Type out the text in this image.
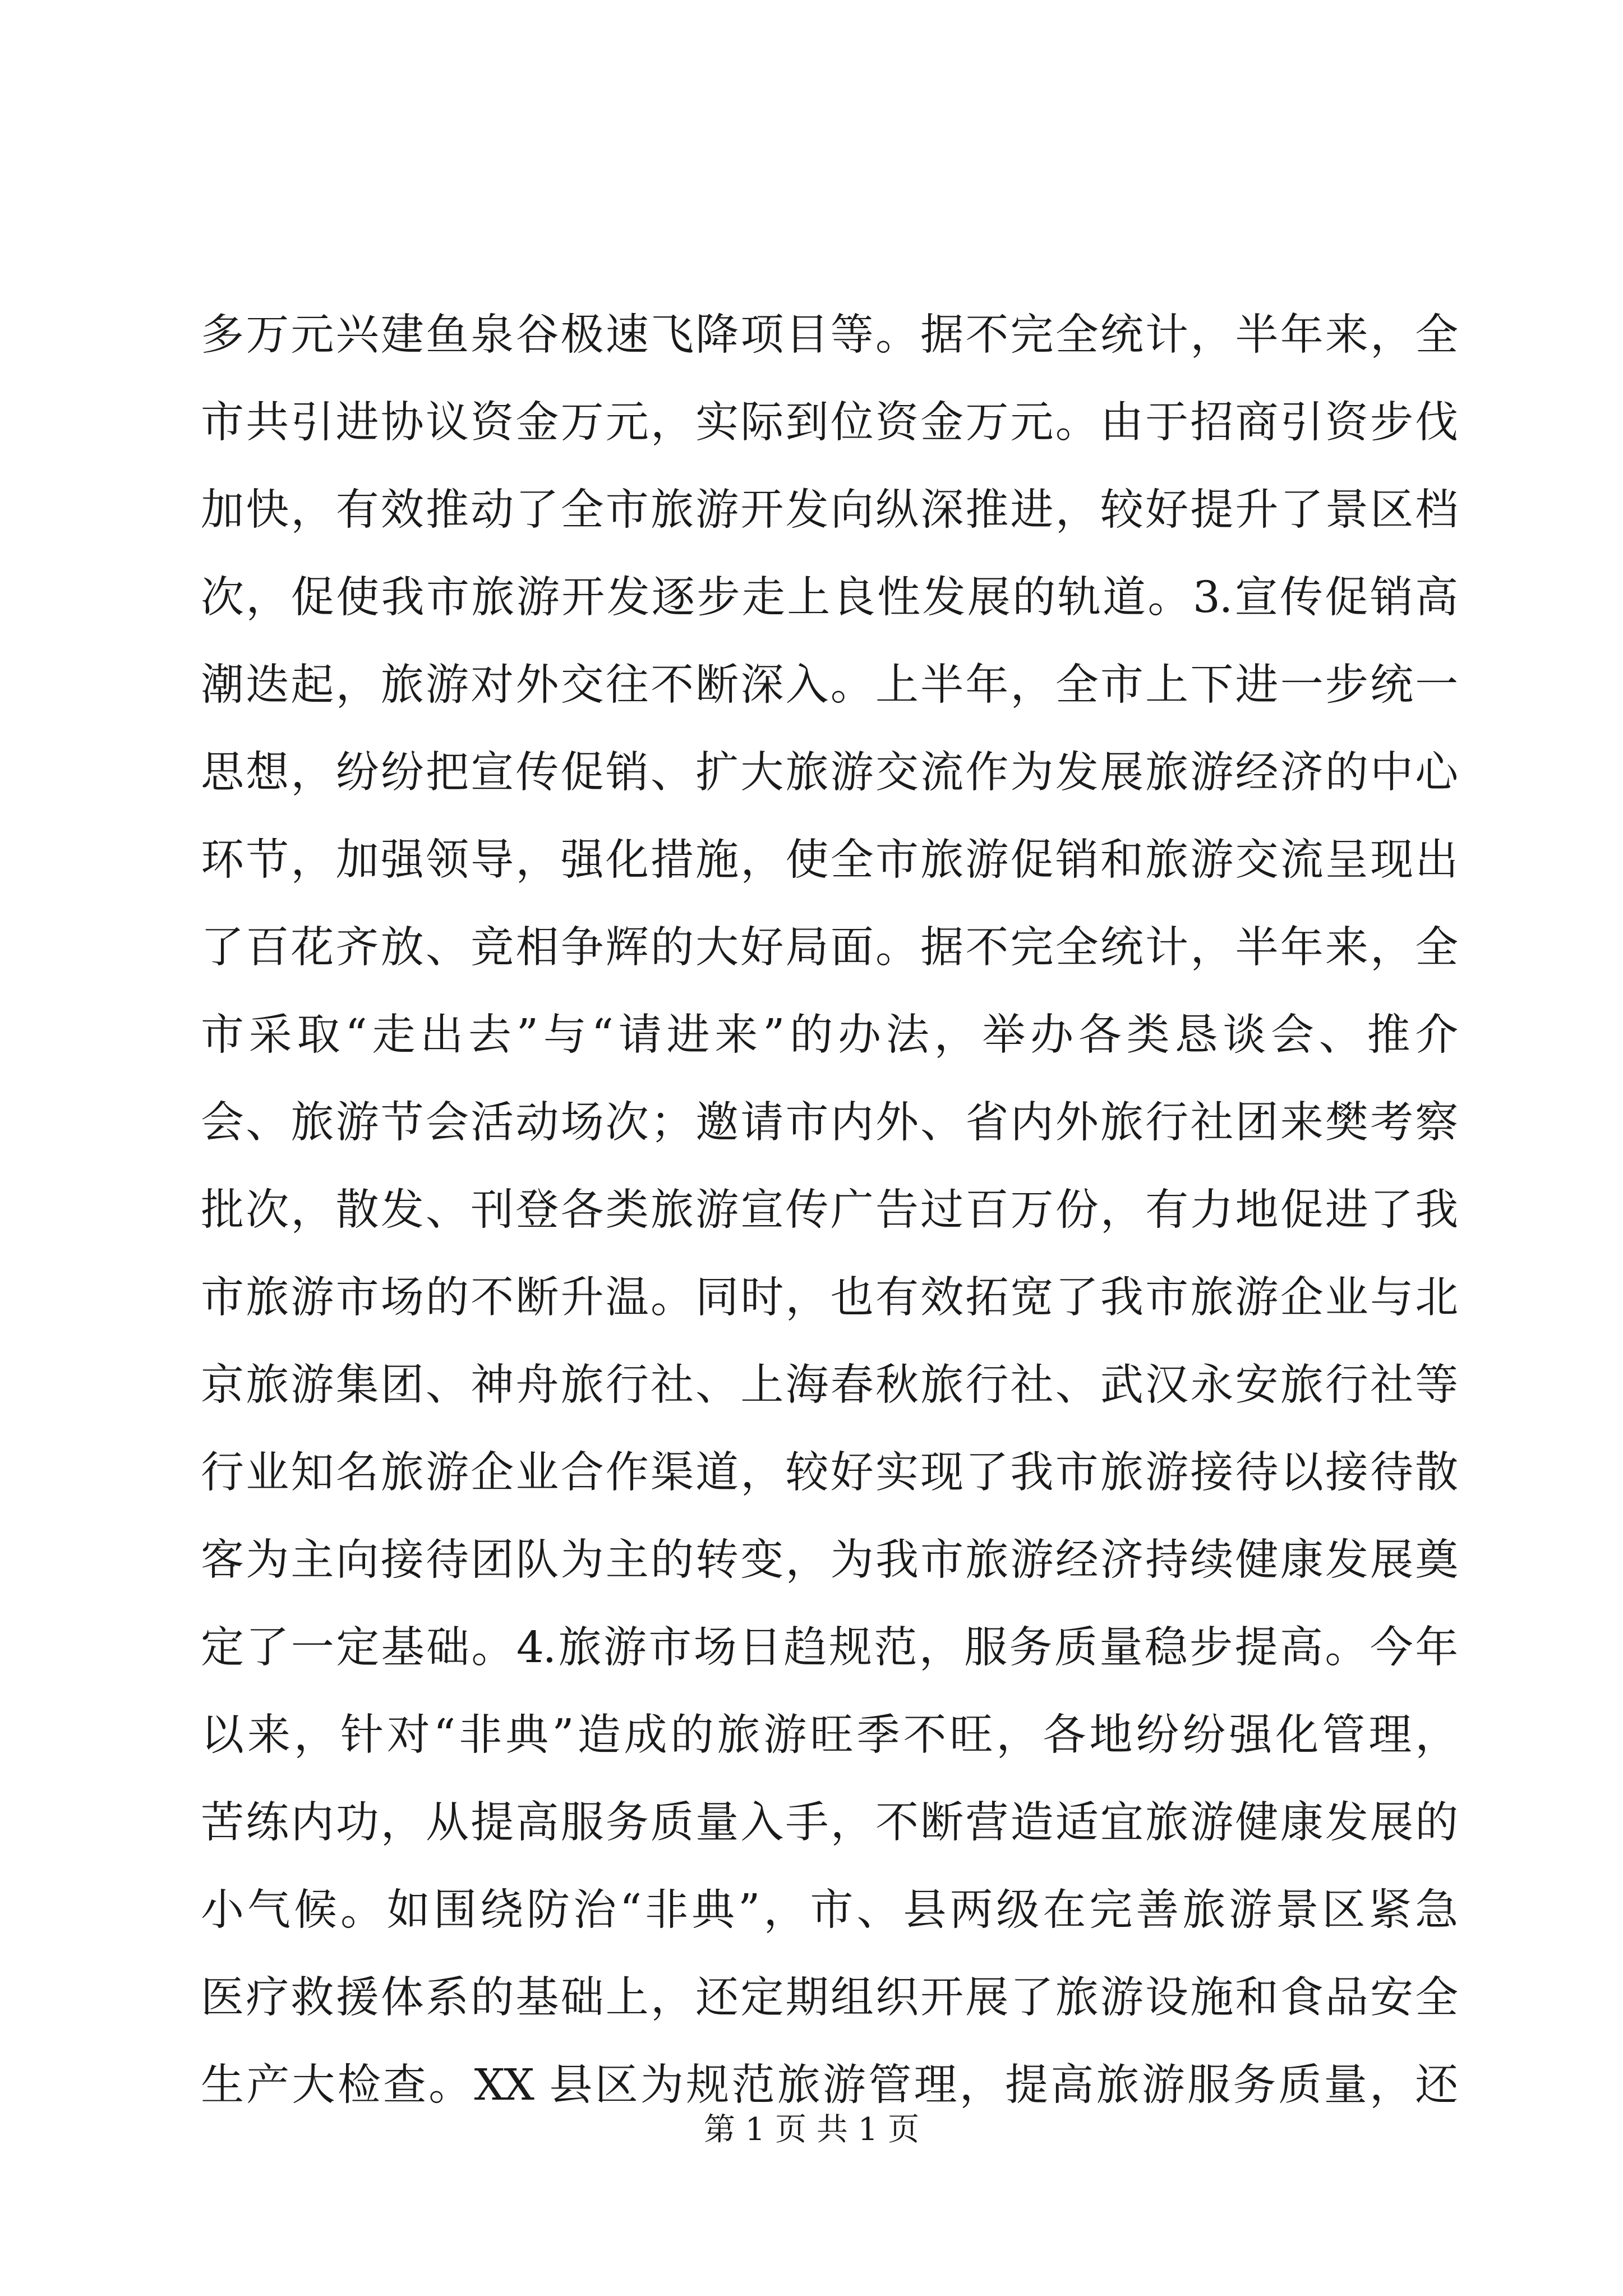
多万元兴建鱼泉谷极速飞降项目等。据不完全统计，半年来，全
市共引进协议资金万元，实际到位资金万元。由于招商引资步伐
加快，有效推动了全市旅游开发向纵深推进，较好提升了景区档
次，促使我市旅游开发逐步走上良性发展的轨道。3.宣传促销高
潮迭起，旅游对外交往不断深入。上半年，全市上下进一步统一
思想，纷纷把宣传促销、扩大旅游交流作为发展旅游经济的中心
环节，加强领导，强化措施，使全市旅游促销和旅游交流呈现出
了百花齐放、竞相争辉的大好局面。据不完全统计，半年来，全
市采取“走出去”与“请进来”的办法，举办各类恳谈会、推介
会、旅游节会活动场次；邀请市内外、省内外旅行社团来樊考察
批次，散发、刊登各类旅游宣传广告过百万份，有力地促进了我
市旅游市场的不断升温。同时，也有效拓宽了我市旅游企业与北
京旅游集团、神舟旅行社、上海春秋旅行社、武汉永安旅行社等
行业知名旅游企业合作渠道，较好实现了我市旅游接待以接待散
客为主向接待团队为主的转变，为我市旅游经济持续健康发展奠
定了一定基础。4.旅游市场日趋规范，服务质量稳步提高。今年
以来，针对“非典”造成的旅游旺季不旺，各地纷纷强化管理，
苦练内功，从提高服务质量入手，不断营造适宜旅游健康发展的
小气候。如围绕防治“非典”，市、县两级在完善旅游景区紧急
医疗救援体系的基础上，还定期组织开展了旅游设施和食品安全
生产大检查。XX 县区为规范旅游管理，提高旅游服务质量，还
第 1 页 共 1 页
